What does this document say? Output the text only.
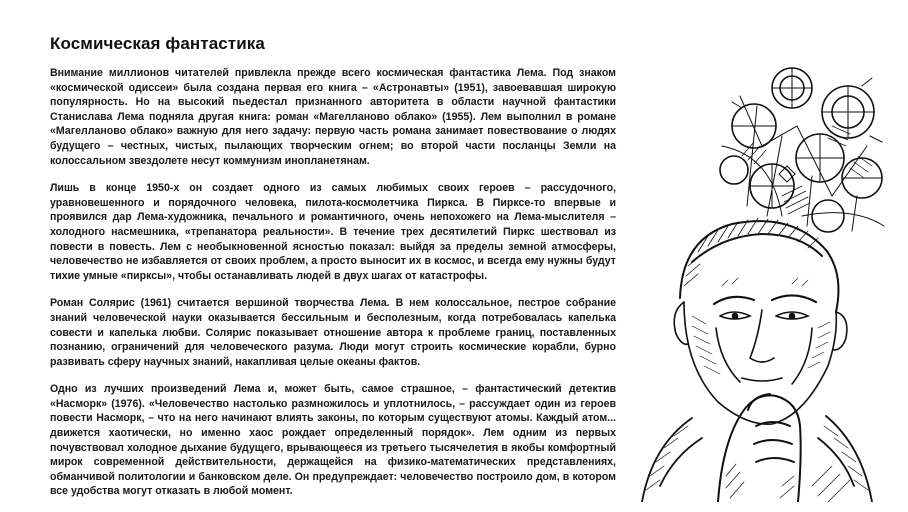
Космическая фантастика

Внимание миллионов читателей привлекла прежде всего космическая фантастика Лема. Под знаком «космической одиссеи» была создана первая его книга – «Астронавты» (1951), завоевавшая широкую популярность. Но на высокий пьедестал признанного авторитета в области научной фантастики Станислава Лема подняла другая книга: роман «Магелланово облако» (1955). Лем выполнил в романе «Магелланово облако» важную для него задачу: первую часть романа занимает повествование о людях будущего – честных, чистых, пылающих творческим огнем; во второй части посланцы Земли на колоссальном звездолете несут коммунизм инопланетянам.

Лишь в конце 1950-х он создает одного из самых любимых своих героев – рассудочного, уравновешенного и порядочного человека, пилота-космолетчика Пиркса. В Пирксе-то впервые и проявился дар Лема-художника, печального и романтичного, очень непохожего на Лема-мыслителя – холодного насмешника, «трепанатора реальности». В течение трех десятилетий Пиркс шествовал из повести в повесть. Лем с необыкновенной ясностью показал: выйдя за пределы земной атмосферы, человечество не избавляется от своих проблем, а просто выносит их в космос, и всегда ему нужны будут тихие умные «пирксы», чтобы останавливать людей в двух шагах от катастрофы.

Роман Солярис (1961) считается вершиной творчества Лема. В нем колоссальное, пестрое собрание знаний человеческой науки оказывается бессильным и бесполезным, когда потребовалась капелька совести и капелька любви. Солярис показывает отношение автора к проблеме границ, поставленных познанию, ограничений для человеческого разума. Люди могут строить космические корабли, бурно развивать сферу научных знаний, накапливая целые океаны фактов.

Одно из лучших произведений Лема и, может быть, самое страшное, – фантастический детектив «Насморк» (1976). «Человечество настолько размножилось и уплотнилось, – рассуждает один из героев повести Насморк, – что на него начинают влиять законы, по которым существуют атомы. Каждый атом... движется хаотически, но именно хаос рождает определенный порядок». Лем одним из первых почувствовал холодное дыхание будущего, врывающееся из третьего тысячелетия в якобы комфортный мирок современной действительности, держащейся на физико-математических представлениях, обманчивой политологии и банковском деле. Он предупреждает: человечество построило дом, в котором все удобства могут отказать в любой момент.
